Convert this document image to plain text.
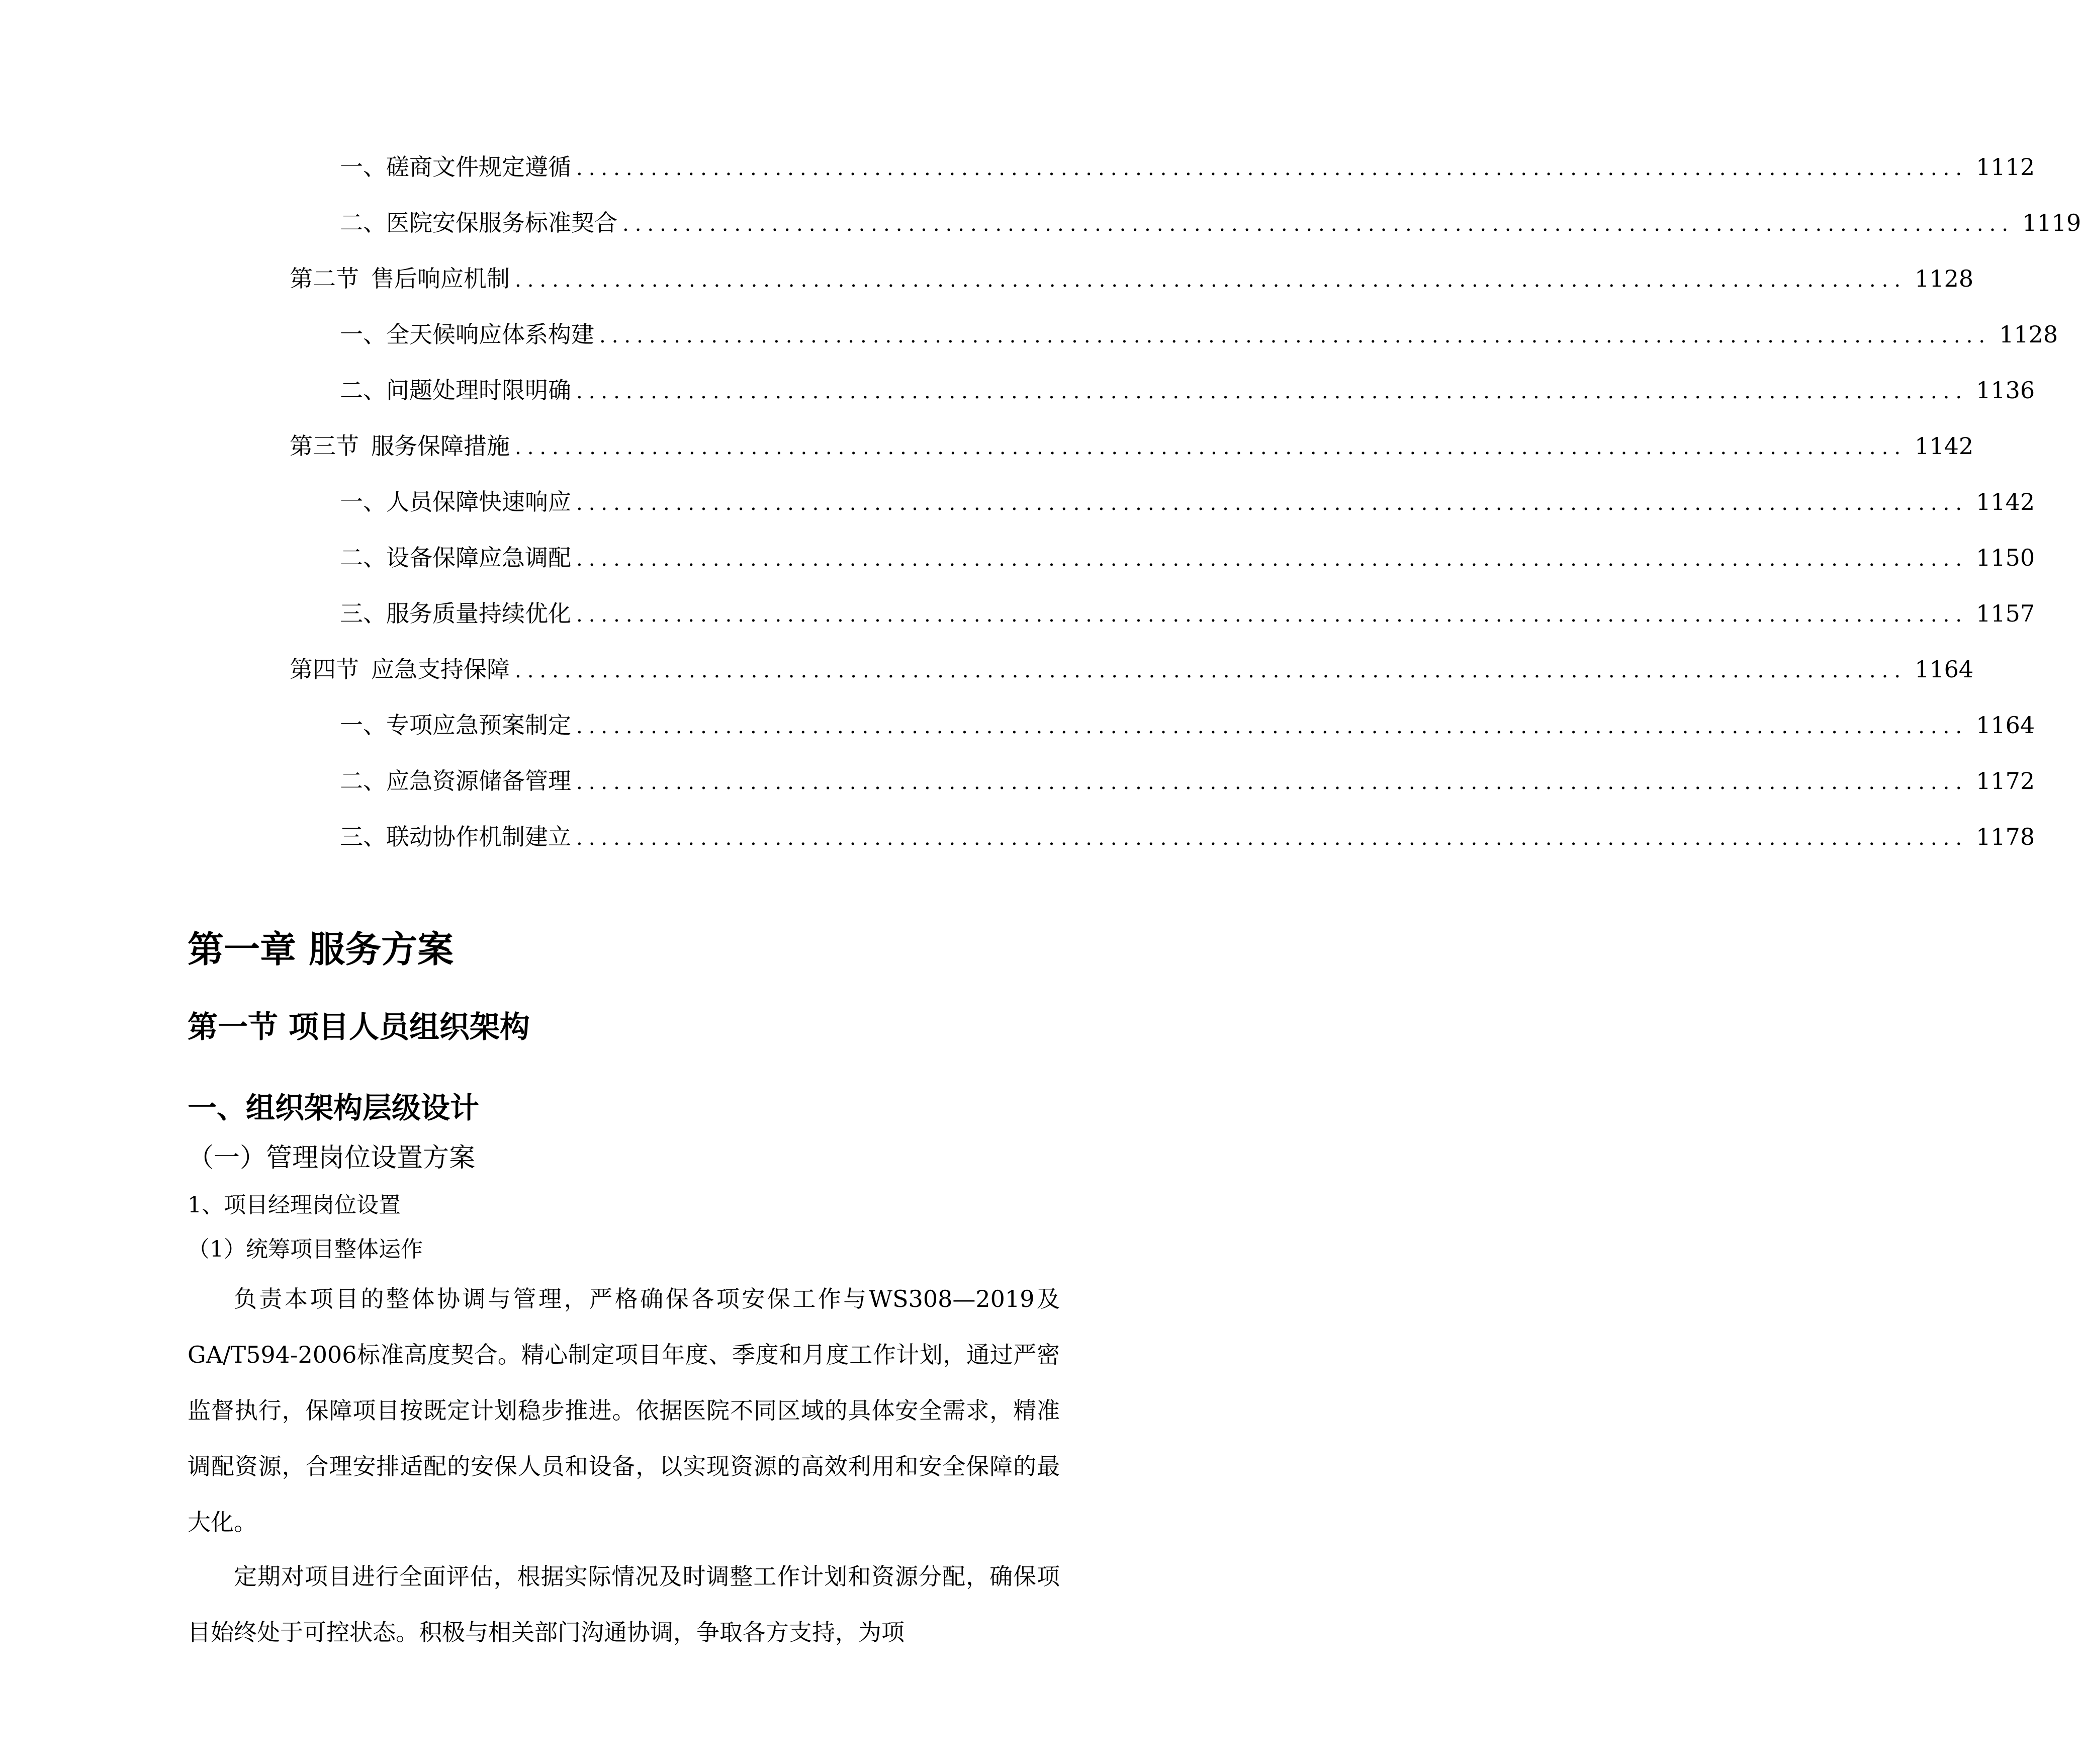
一、 磋商文件规定遵循 ................................................................................................................ 1112
二、 医院安保服务标准契合 ................................................................................................................ 1119
第二节 售后响应机制 ................................................................................................................ 1128
一、 全天候响应体系构建 ................................................................................................................ 1128
二、 问题处理时限明确 ................................................................................................................ 1136
第三节 服务保障措施 ................................................................................................................ 1142
一、 人员保障快速响应 ................................................................................................................ 1142
二、 设备保障应急调配 ................................................................................................................ 1150
三、 服务质量持续优化 ................................................................................................................ 1157
第四节 应急支持保障 ................................................................................................................ 1164
一、 专项应急预案制定 ................................................................................................................ 1164
二、 应急资源储备管理 ................................................................................................................ 1172
三、 联动协作机制建立 ................................................................................................................ 1178
第一章 服务方案
第一节 项目人员组织架构
一、组织架构层级设计
（一）管理岗位设置方案
1、项目经理岗位设置
（1）统筹项目整体运作

负责本项目的整体协调与管理，严格确保各项安保工作与WS308—2019及GA/T594-2006标准高度契合。精心制定项目年度、季度和月度工作计划，通过严密监督执行，保障项目按既定计划稳步推进。依据医院不同区域的具体安全需求，精准调配资源，合理安排适配的安保人员和设备，以实现资源的高效利用和安全保障的最大化。

定期对项目进行全面评估，根据实际情况及时调整工作计划和资源分配，确保项目始终处于可控状态。积极与相关部门沟通协调，争取各方支持，为项
